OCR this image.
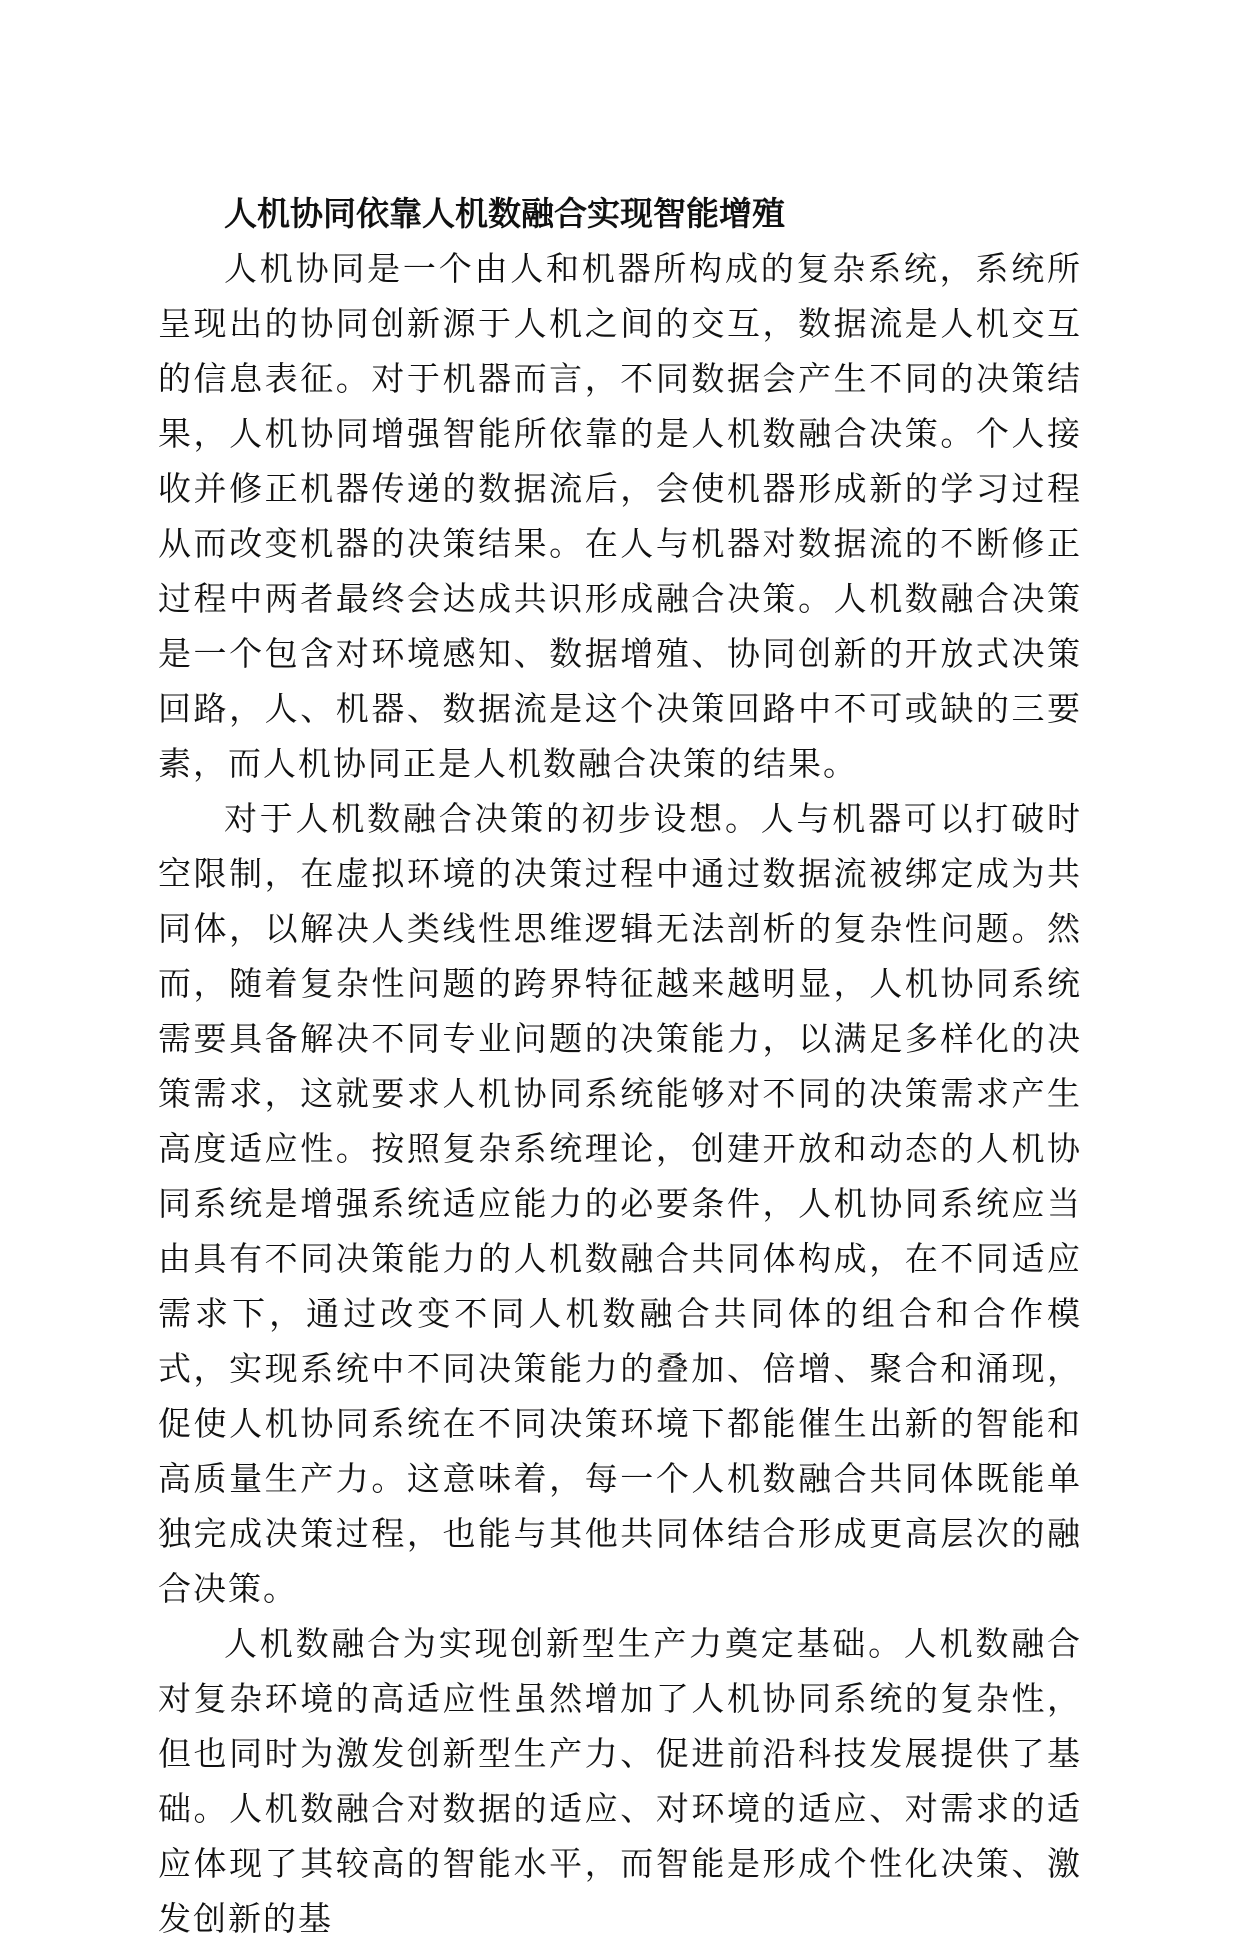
人机协同依靠人机数融合实现智能增殖

人机协同是一个由人和机器所构成的复杂系统，系统所呈现出的协同创新源于人机之间的交互，数据流是人机交互的信息表征。对于机器而言，不同数据会产生不同的决策结果，人机协同增强智能所依靠的是人机数融合决策。个人接收并修正机器传递的数据流后，会使机器形成新的学习过程从而改变机器的决策结果。在人与机器对数据流的不断修正过程中两者最终会达成共识形成融合决策。人机数融合决策是一个包含对环境感知、数据增殖、协同创新的开放式决策回路，人、机器、数据流是这个决策回路中不可或缺的三要素，而人机协同正是人机数融合决策的结果。

对于人机数融合决策的初步设想。人与机器可以打破时空限制，在虚拟环境的决策过程中通过数据流被绑定成为共同体，以解决人类线性思维逻辑无法剖析的复杂性问题。然而，随着复杂性问题的跨界特征越来越明显，人机协同系统需要具备解决不同专业问题的决策能力，以满足多样化的决策需求，这就要求人机协同系统能够对不同的决策需求产生高度适应性。按照复杂系统理论，创建开放和动态的人机协同系统是增强系统适应能力的必要条件，人机协同系统应当由具有不同决策能力的人机数融合共同体构成，在不同适应需求下，通过改变不同人机数融合共同体的组合和合作模式，实现系统中不同决策能力的叠加、倍增、聚合和涌现，促使人机协同系统在不同决策环境下都能催生出新的智能和高质量生产力。这意味着，每一个人机数融合共同体既能单独完成决策过程，也能与其他共同体结合形成更高层次的融合决策。

人机数融合为实现创新型生产力奠定基础。人机数融合对复杂环境的高适应性虽然增加了人机协同系统的复杂性，但也同时为激发创新型生产力、促进前沿科技发展提供了基础。人机数融合对数据的适应、对环境的适应、对需求的适应体现了其较高的智能水平，而智能是形成个性化决策、激发创新的基
